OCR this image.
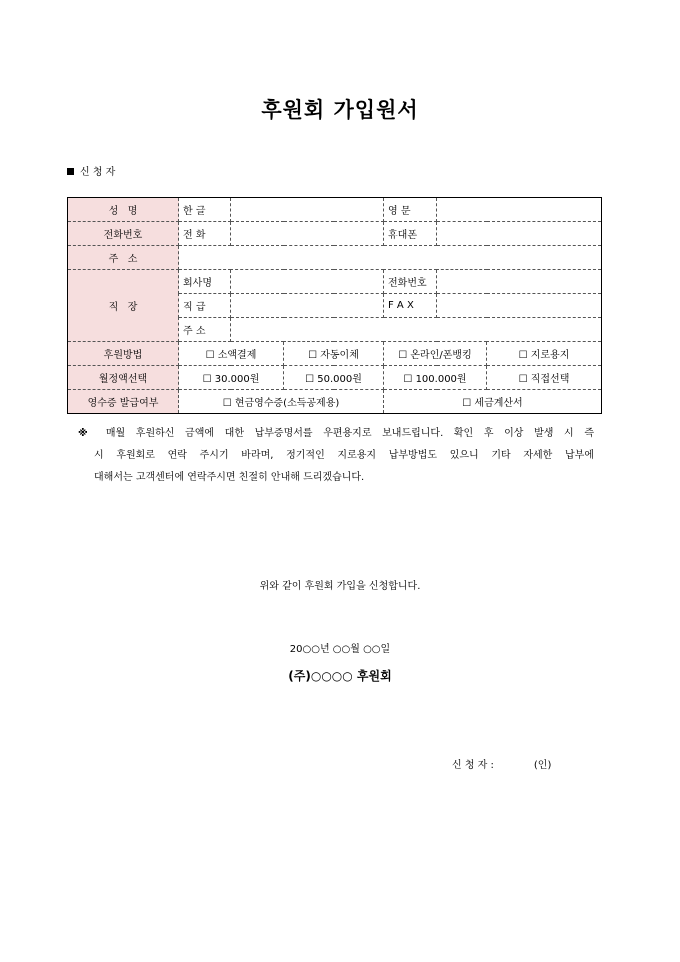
후원회 가입원서
신 청 자
성   명	한 글			영 문		
전화번호	전 화			휴대폰		
주   소						
직   장	회사명			전화번호		
	직 급			F A X		
	주 소					
후원방법	☐ 소액결제		☐ 자동이체	☐ 온라인/폰뱅킹		☐ 지로용지
월정액선택	☐ 30.000원		☐ 50.000원	☐ 100.000원		☐ 직접선택
영수증 발급여부	☐ 현금영수증(소득공제용)			☐ 세금계산서		
※ 매월 후원하신 금액에 대한 납부증명서를 우편용지로 보내드립니다. 확인 후 이상 발생 시 즉
시 후원회로 연락 주시기 바라며, 정기적인 지로용지 납부방법도 있으니 기타 자세한 납부에
대해서는 고객센터에 연락주시면 친절히 안내해 드리겠습니다.
위와 같이 후원회 가입을 신청합니다.
20○○년 ○○월 ○○일
(주)○○○○ 후원회
신 청 자 :	(인)
